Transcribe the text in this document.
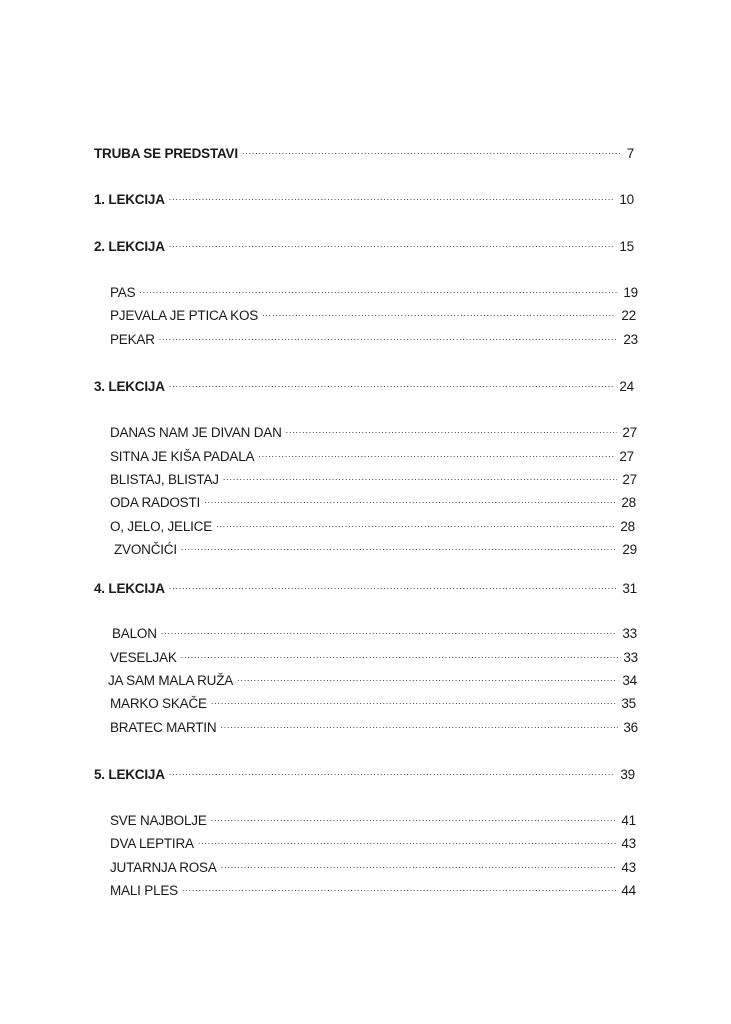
TRUBA SE PREDSTAVI .....	7
1. LEKCIJA .....	10
2. LEKCIJA .....	15
PAS .....	19
PJEVALA JE PTICA KOS .....	22
PEKAR .....	23
3. LEKCIJA .....	24
DANAS NAM JE DIVAN DAN .....	27
SITNA JE KIŠA PADALA .....	27
BLISTAJ, BLISTAJ .....	27
ODA RADOSTI .....	28
O, JELO, JELICE .....	28
ZVONČIĆI .....	29
4. LEKCIJA .....	31
BALON .....	33
VESELJAK .....	33
JA SAM MALA RUŽA .....	34
MARKO SKAČE .....	35
BRATEC MARTIN .....	36
5. LEKCIJA .....	39
SVE NAJBOLJE .....	41
DVA LEPTIRA .....	43
JUTARNJA ROSA .....	43
MALI PLES .....	44
